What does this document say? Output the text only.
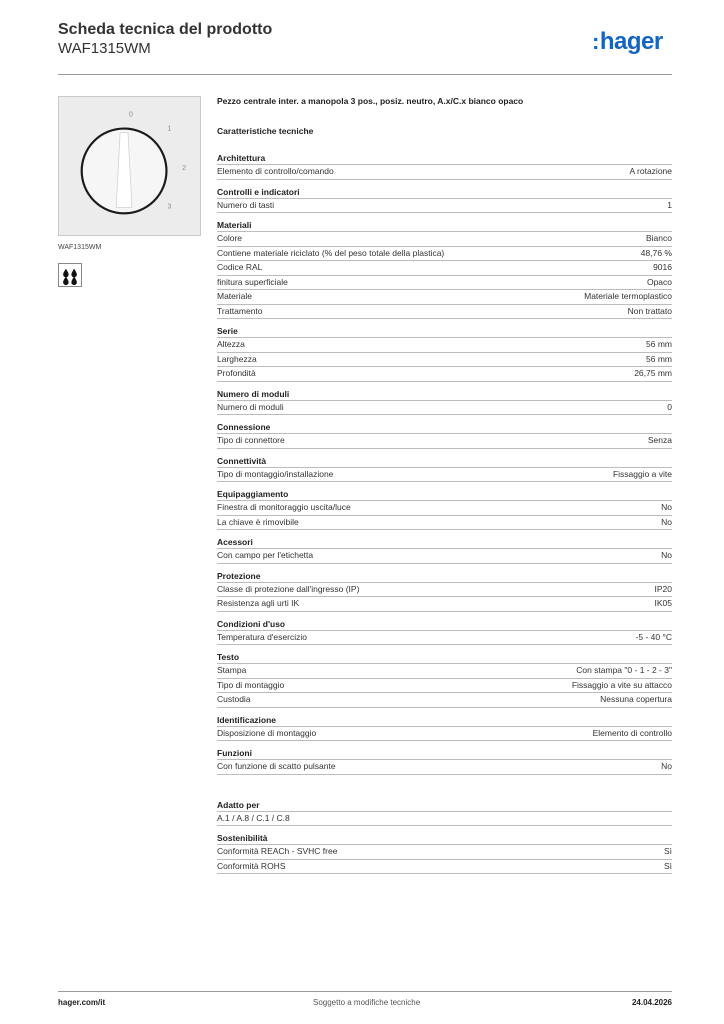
Scheda tecnica del prodotto
WAF1315WM	:hager
0
1
2
3
WAF1315WM
Pezzo centrale inter. a manopola 3 pos., posiz. neutro, A.x/C.x bianco opaco
Caratteristiche tecniche
Architettura
Elemento di controllo/comando	A rotazione
Controlli e indicatori
Numero di tasti	1
Materiali
Colore	Bianco
Contiene materiale riciclato (% del peso totale della plastica)	48,76 %
Codice RAL	9016
finitura superficiale	Opaco
Materiale	Materiale termoplastico
Trattamento	Non trattato
Serie
Altezza	56 mm
Larghezza	56 mm
Profondità	26,75 mm
Numero di moduli
Numero di moduli	0
Connessione
Tipo di connettore	Senza
Connettività
Tipo di montaggio/installazione	Fissaggio a vite
Equipaggiamento
Finestra di monitoraggio uscita/luce	No
La chiave è rimovibile	No
Acessori
Con campo per l'etichetta	No
Protezione
Classe di protezione dall'ingresso (IP)	IP20
Resistenza agli urti IK	IK05
Condizioni d'uso
Temperatura d'esercizio	-5 - 40 °C
Testo
Stampa	Con stampa "0 - 1 - 2 - 3"
Tipo di montaggio	Fissaggio a vite su attacco
Custodia	Nessuna copertura
Identificazione
Disposizione di montaggio	Elemento di controllo
Funzioni
Con funzione di scatto pulsante	No
Adatto per
A.1 / A.8 / C.1 / C.8
Sostenibilità
Conformità REACh - SVHC free	Sì
Conformità ROHS	Sì
hager.com/it	Soggetto a modifiche tecniche	24.04.2026
